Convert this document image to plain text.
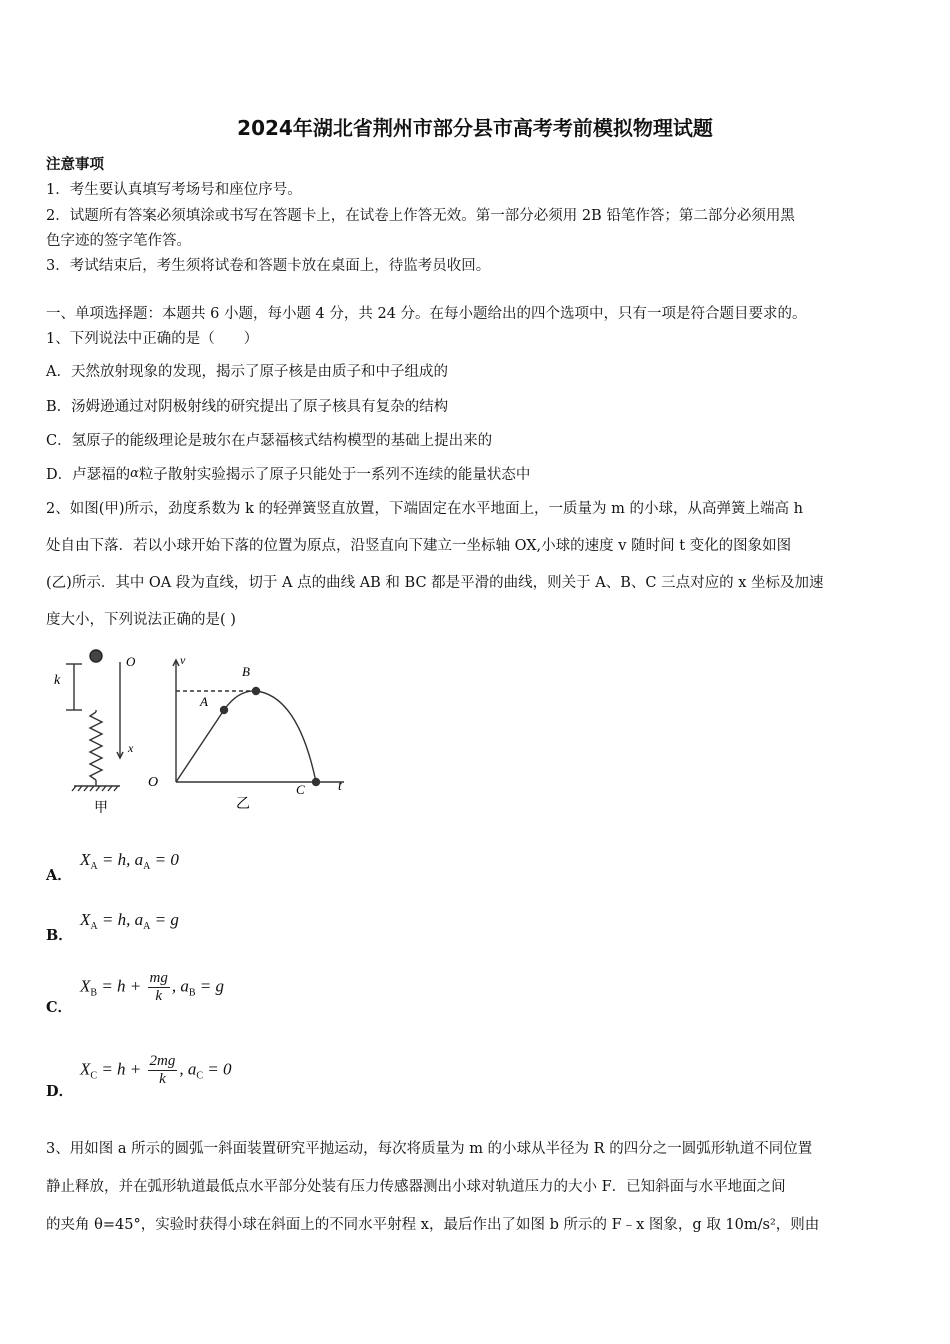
2024年湖北省荆州市部分县市高考考前模拟物理试题
注意事项
1．考生要认真填写考场号和座位序号。
2．试题所有答案必须填涂或书写在答题卡上，在试卷上作答无效。第一部分必须用 2B 铅笔作答；第二部分必须用黑
色字迹的签字笔作答。
3．考试结束后，考生须将试卷和答题卡放在桌面上，待监考员收回。
一、单项选择题：本题共 6 小题，每小题 4 分，共 24 分。在每小题给出的四个选项中，只有一项是符合题目要求的。
1、下列说法中正确的是（　　）
A．天然放射现象的发现，揭示了原子核是由质子和中子组成的
B．汤姆逊通过对阴极射线的研究提出了原子核具有复杂的结构
C．氢原子的能级理论是玻尔在卢瑟福核式结构模型的基础上提出来的
D．卢瑟福的α粒子散射实验揭示了原子只能处于一系列不连续的能量状态中
2、如图(甲)所示，劲度系数为 k 的轻弹簧竖直放置，下端固定在水平地面上，一质量为 m 的小球，从高弹簧上端高 h
处自由下落．若以小球开始下落的位置为原点，沿竖直向下建立一坐标轴 OX,小球的速度 v 随时间 t 变化的图象如图
(乙)所示．其中 OA 段为直线，切于 A 点的曲线 AB 和 BC 都是平滑的曲线，则关于 A、B、C 三点对应的 x 坐标及加速
度大小，下列说法正确的是( )
k
O
x
甲
v
O
A
B
C t
乙
A．
$X_A = h$, $a_A = 0$
B．
$X_A = h$, $a_A = g$
C．
$X_B = h + \frac{mg}{k}$ , $a_B = g$
D．
$X_C = h + \frac{2mg}{k}$ , $a_C = 0$
3、用如图 a 所示的圆弧一斜面装置研究平抛运动，每次将质量为 m 的小球从半径为 R 的四分之一圆弧形轨道不同位置
静止释放，并在弧形轨道最低点水平部分处装有压力传感器测出小球对轨道压力的大小 F．已知斜面与水平地面之间
的夹角 θ=45°，实验时获得小球在斜面上的不同水平射程 x，最后作出了如图 b 所示的 F﹣x 图象，g 取 10m/s²，则由
